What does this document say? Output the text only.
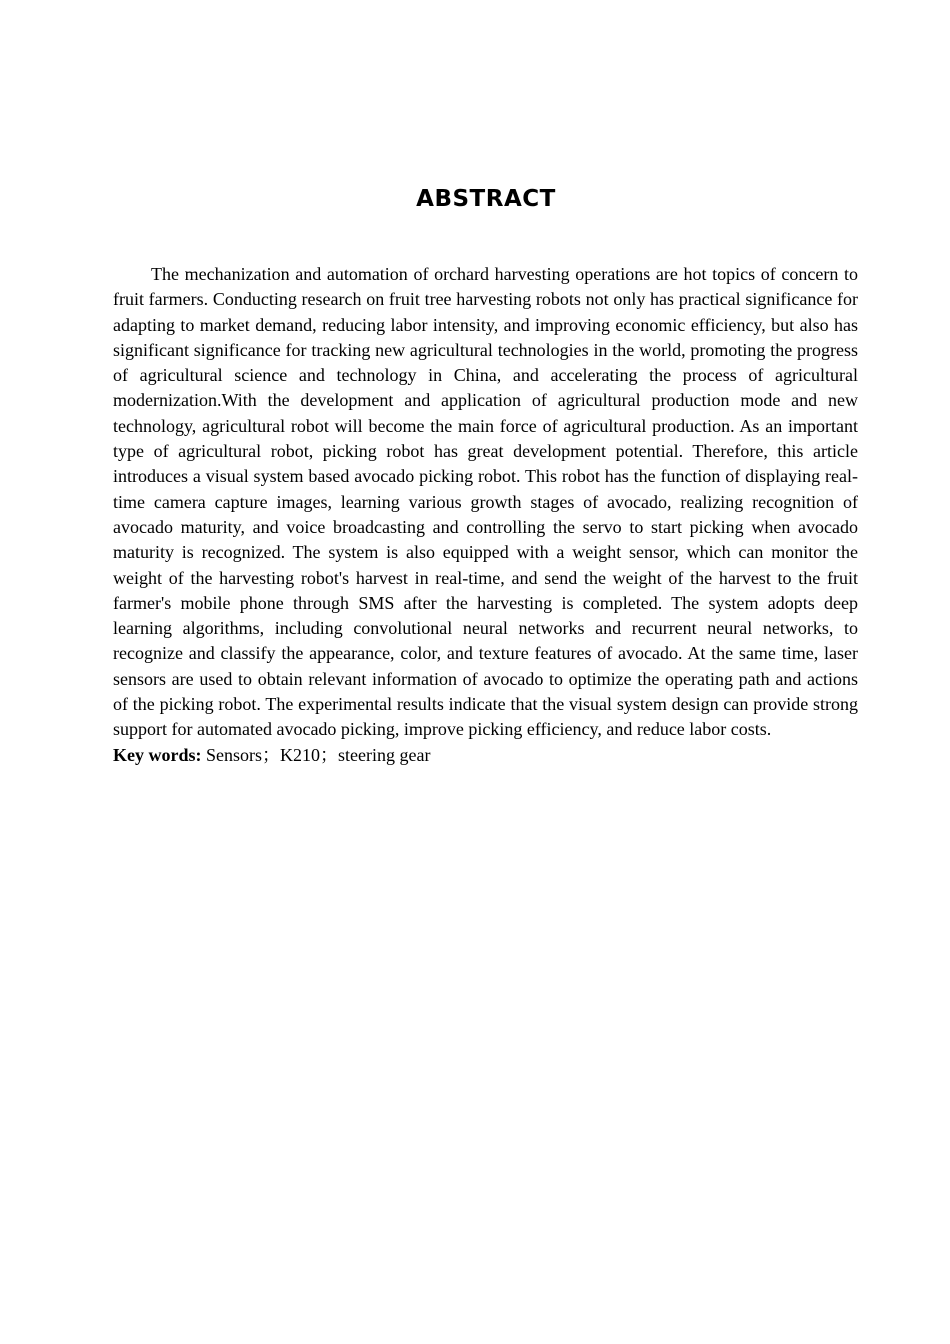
ABSTRACT

The mechanization and automation of orchard harvesting operations are hot topics of concern to fruit farmers. Conducting research on fruit tree harvesting robots not only has practical significance for adapting to market demand, reducing labor intensity, and improving economic efficiency, but also has significant significance for tracking new agricultural technologies in the world, promoting the progress of agricultural science and technology in China, and accelerating the process of agricultural modernization.With the development and application of agricultural production mode and new technology, agricultural robot will become the main force of agricultural production. As an important type of agricultural robot, picking robot has great development potential. Therefore, this article introduces a visual system based avocado picking robot. This robot has the function of displaying real-time camera capture images, learning various growth stages of avocado, realizing recognition of avocado maturity, and voice broadcasting and controlling the servo to start picking when avocado maturity is recognized. The system is also equipped with a weight sensor, which can monitor the weight of the harvesting robot's harvest in real-time, and send the weight of the harvest to the fruit farmer's mobile phone through SMS after the harvesting is completed. The system adopts deep learning algorithms, including convolutional neural networks and recurrent neural networks, to recognize and classify the appearance, color, and texture features of avocado. At the same time, laser sensors are used to obtain relevant information of avocado to optimize the operating path and actions of the picking robot. The experimental results indicate that the visual system design can provide strong support for automated avocado picking, improve picking efficiency, and reduce labor costs.

Key words: Sensors；K210；steering gear
